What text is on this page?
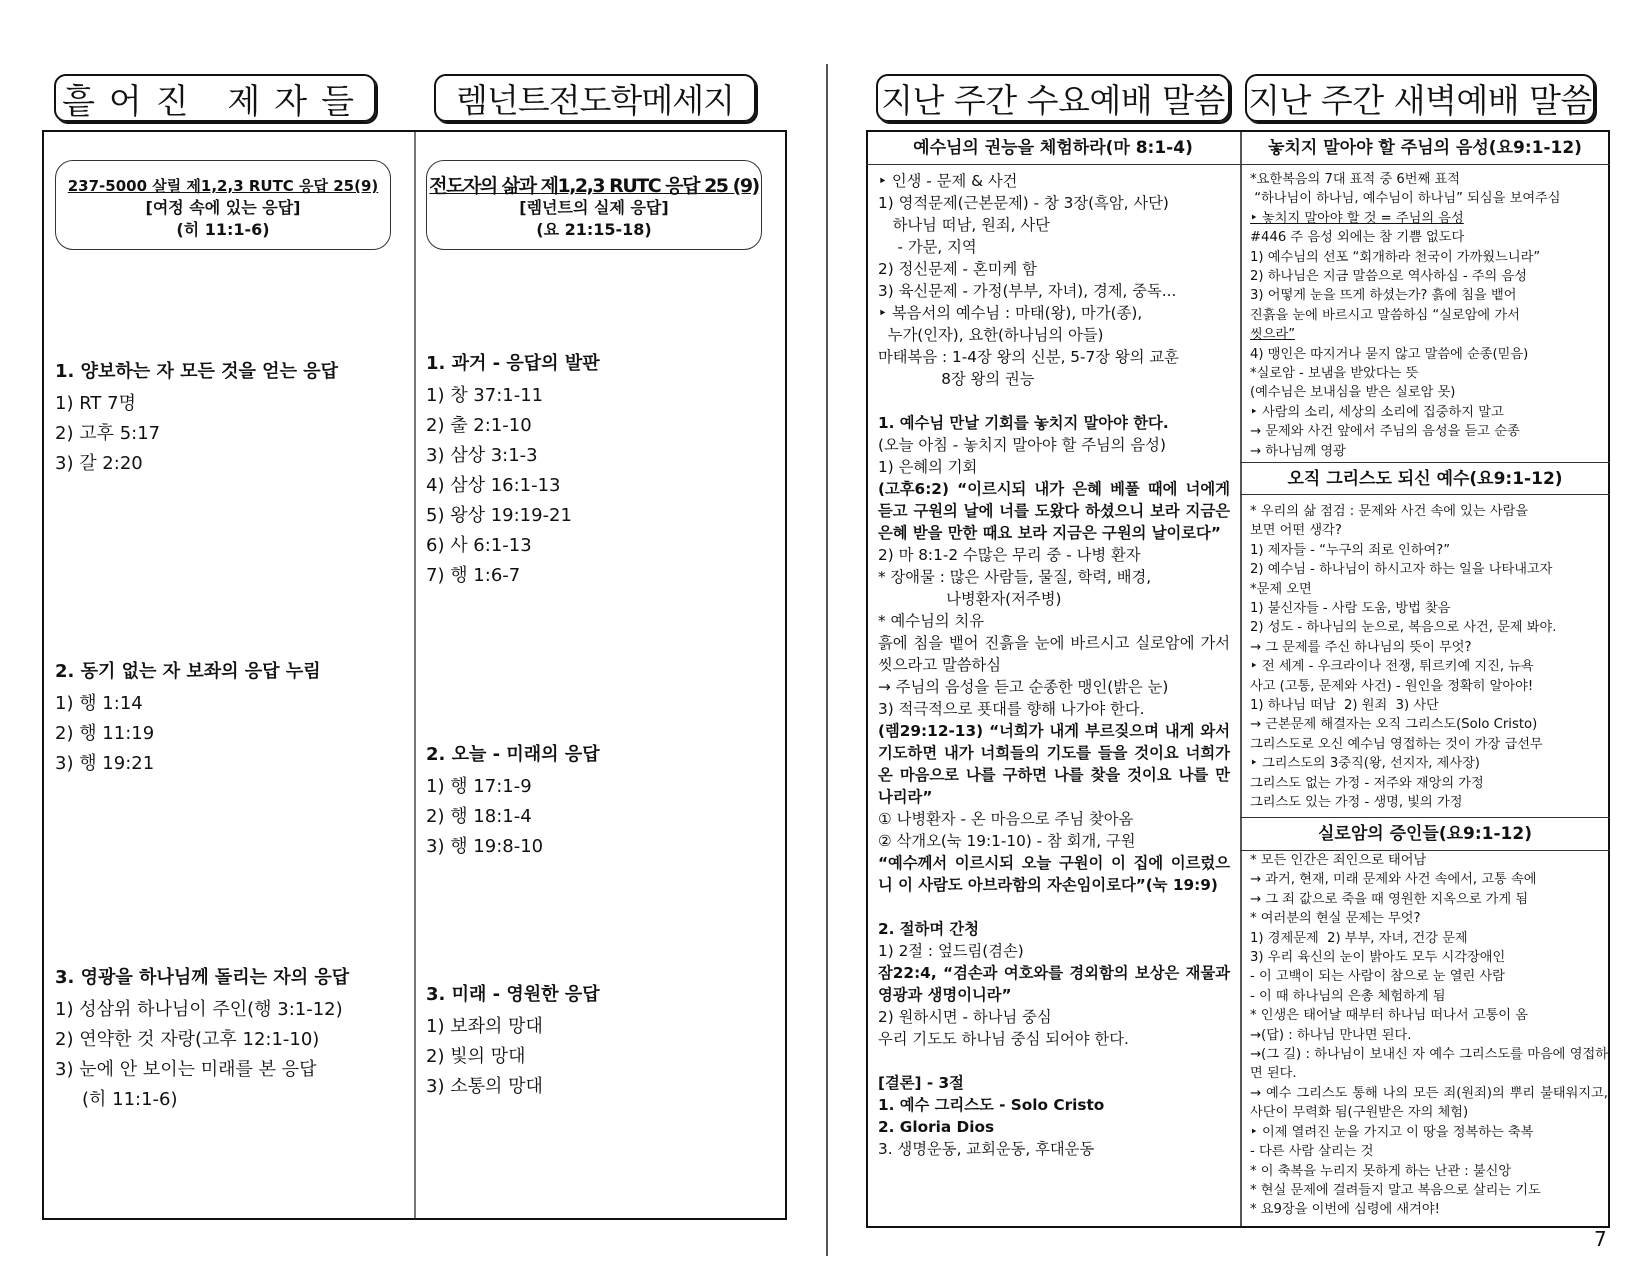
흩어진 제자들	렘넌트전도학메세지	지난 주간 수요예배 말씀 지난 주간 새벽예배 말씀
237-5000 살릴 제1,2,3 RUTC 응답 25(9)
[여정 속에 있는 응답]
(히 11:1-6)
전도자의 삶과 제1,2,3 RUTC 응답 25 (9)
[렘넌트의 실제 응답]
(요 21:15-18)
1. 양보하는 자 모든 것을 얻는 응답
1) RT 7명
2) 고후 5:17
3) 갈 2:20
2. 동기 없는 자 보좌의 응답 누림
1) 행 1:14
2) 행 11:19
3) 행 19:21
3. 영광을 하나님께 돌리는 자의 응답
1) 성삼위 하나님이 주인(행 3:1-12)
2) 연약한 것 자랑(고후 12:1-10)
3) 눈에 안 보이는 미래를 본 응답
(히 11:1-6)
1. 과거 - 응답의 발판
1) 창 37:1-11
2) 출 2:1-10
3) 삼상 3:1-3
4) 삼상 16:1-13
5) 왕상 19:19-21
6) 사 6:1-13
7) 행 1:6-7
2. 오늘 - 미래의 응답
1) 행 17:1-9
2) 행 18:1-4
3) 행 19:8-10
3. 미래 - 영원한 응답
1) 보좌의 망대
2) 빛의 망대
3) 소통의 망대
예수님의 권능을 체험하라(마 8:1-4)
‣ 인생 - 문제 & 사건
1) 영적문제(근본문제) - 창 3장(흑암, 사단)
하나님 떠남, 원죄, 사단
- 가문, 지역
2) 정신문제 - 혼미케 함
3) 육신문제 - 가정(부부, 자녀), 경제, 중독...
‣ 복음서의 예수님 : 마태(왕), 마가(종),
누가(인자), 요한(하나님의 아들)
마태복음 : 1-4장 왕의 신분, 5-7장 왕의 교훈
8장 왕의 권능

1. 예수님 만날 기회를 놓치지 말아야 한다.
(오늘 아침 - 놓치지 말아야 할 주님의 음성)
1) 은혜의 기회
(고후6:2) “이르시되 내가 은혜 베풀 때에 너에게 듣고 구원의 날에 너를 도왔다 하셨으니 보라 지금은 은혜 받을 만한 때요 보라 지금은 구원의 날이로다”
2) 마 8:1-2 수많은 무리 중 - 나병 환자
* 장애물 : 많은 사람들, 물질, 학력, 배경,
나병환자(저주병)
* 예수님의 치유
흙에 침을 뱉어 진흙을 눈에 바르시고 실로암에 가서 씻으라고 말씀하심
→ 주님의 음성을 듣고 순종한 맹인(밝은 눈)
3) 적극적으로 푯대를 향해 나가야 한다.
(렘29:12-13) “너희가 내게 부르짖으며 내게 와서 기도하면 내가 너희들의 기도를 들을 것이요 너희가 온 마음으로 나를 구하면 나를 찾을 것이요 나를 만나리라”
① 나병환자 - 온 마음으로 주님 찾아옴
② 삭개오(눅 19:1-10) - 참 회개, 구원
“예수께서 이르시되 오늘 구원이 이 집에 이르렀으니 이 사람도 아브라함의 자손임이로다”(눅 19:9)

2. 절하며 간청
1) 2절 : 엎드림(겸손)
잠22:4, “겸손과 여호와를 경외함의 보상은 재물과 영광과 생명이니라”
2) 원하시면 - 하나님 중심
우리 기도도 하나님 중심 되어야 한다.

[결론] - 3절
1. 예수 그리스도 - Solo Cristo
2. Gloria Dios
3. 생명운동, 교회운동, 후대운동
놓치지 말아야 할 주님의 음성(요9:1-12)
*요한복음의 7대 표적 중 6번째 표적
“하나님이 하나님, 예수님이 하나님” 되심을 보여주심
‣ 놓치지 말아야 할 것 = 주님의 음성
#446 주 음성 외에는 참 기쁨 없도다
1) 예수님의 선포 “회개하라 천국이 가까웠느니라”
2) 하나님은 지금 말씀으로 역사하심 - 주의 음성
3) 어떻게 눈을 뜨게 하셨는가? 흙에 침을 뱉어
진흙을 눈에 바르시고 말씀하심 “실로암에 가서
씻으라”
4) 맹인은 따지거나 묻지 않고 말씀에 순종(믿음)
*실로암 - 보냄을 받았다는 뜻
(예수님은 보내심을 받은 실로암 못)
‣ 사람의 소리, 세상의 소리에 집중하지 말고
→ 문제와 사건 앞에서 주님의 음성을 듣고 순종
→ 하나님께 영광
오직 그리스도 되신 예수(요9:1-12)
* 우리의 삶 점검 : 문제와 사건 속에 있는 사람을
보면 어떤 생각?
1) 제자들 - “누구의 죄로 인하여?”
2) 예수님 - 하나님이 하시고자 하는 일을 나타내고자
*문제 오면
1) 불신자들 - 사람 도움, 방법 찾음
2) 성도 - 하나님의 눈으로, 복음으로 사건, 문제 봐야.
→ 그 문제를 주신 하나님의 뜻이 무엇?
‣ 전 세계 - 우크라이나 전쟁, 튀르키예 지진, 뉴욕
사고 (고통, 문제와 사건) - 원인을 정확히 알아야!
1) 하나님 떠남  2) 원죄  3) 사단
→ 근본문제 해결자는 오직 그리스도(Solo Cristo)
그리스도로 오신 예수님 영접하는 것이 가장 급선무
‣ 그리스도의 3중직(왕, 선지자, 제사장)
그리스도 없는 가정 - 저주와 재앙의 가정
그리스도 있는 가정 - 생명, 빛의 가정
실로암의 증인들(요9:1-12)
* 모든 인간은 죄인으로 태어남
→ 과거, 현재, 미래 문제와 사건 속에서, 고통 속에
→ 그 죄 값으로 죽을 때 영원한 지옥으로 가게 됨
* 여러분의 현실 문제는 무엇?
1) 경제문제  2) 부부, 자녀, 건강 문제
3) 우리 육신의 눈이 밝아도 모두 시각장애인
- 이 고백이 되는 사람이 참으로 눈 열린 사람
- 이 때 하나님의 은총 체험하게 됨
* 인생은 태어날 때부터 하나님 떠나서 고통이 옴
→(답) : 하나님 만나면 된다.
→(그 길) : 하나님이 보내신 자 예수 그리스도를 마음에 영접하면 된다.
→ 예수 그리스도 통해 나의 모든 죄(원죄)의 뿌리 불태워지고, 사단이 무력화 됨(구원받은 자의 체험)
‣ 이제 열려진 눈을 가지고 이 땅을 정복하는 축복
- 다른 사람 살리는 것
* 이 축복을 누리지 못하게 하는 난관 : 불신앙
* 현실 문제에 걸려들지 말고 복음으로 살리는 기도
* 요9장을 이번에 심령에 새겨야!
7
